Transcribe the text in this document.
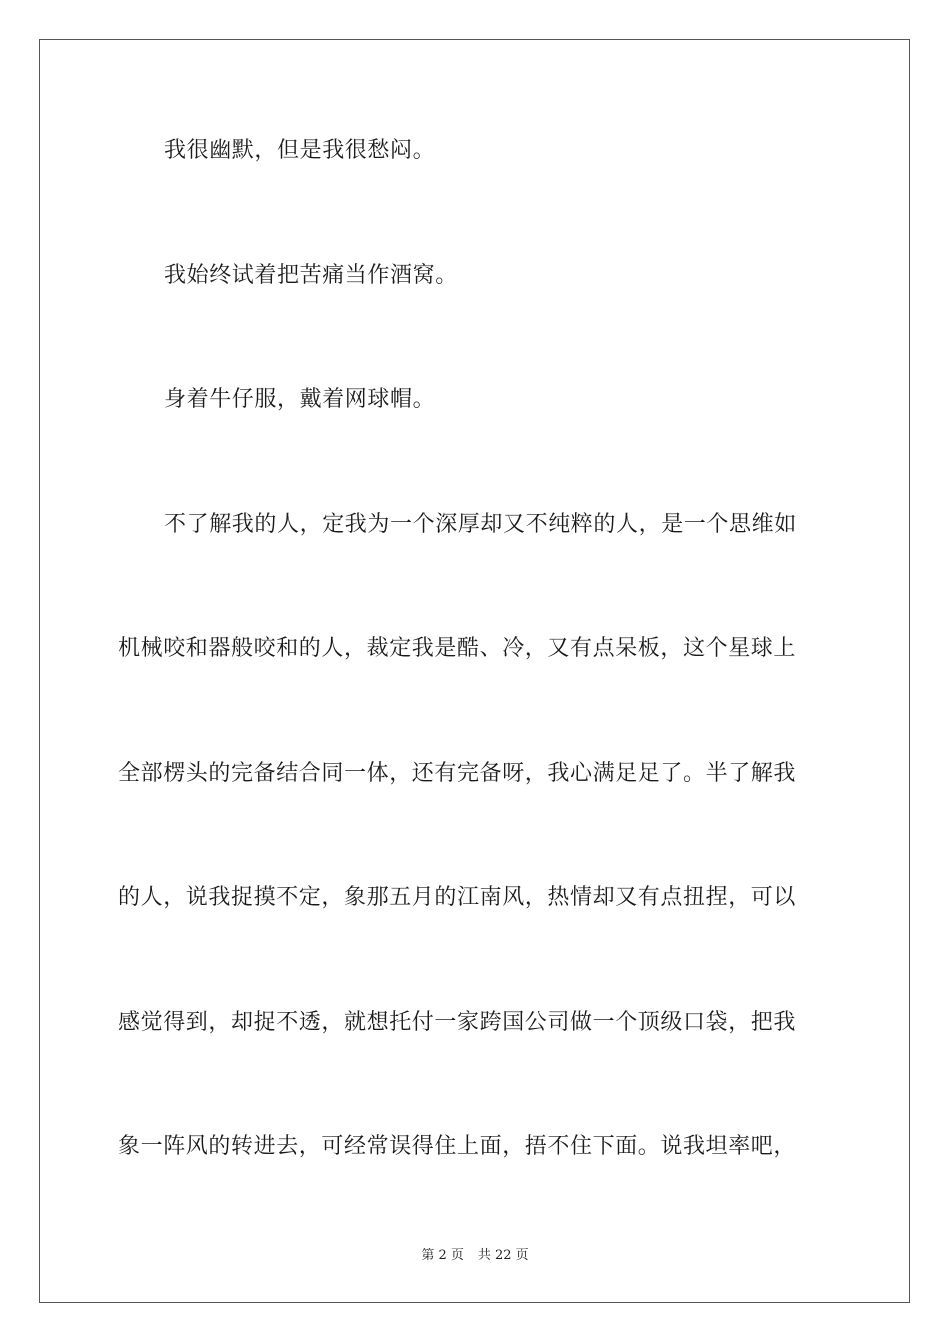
我很幽默，但是我很愁闷。
我始终试着把苦痛当作酒窝。
身着牛仔服，戴着网球帽。
不了解我的人，定我为一个深厚却又不纯粹的人，是一个思维如
机械咬和器般咬和的人，裁定我是酷、冷，又有点呆板，这个星球上
全部楞头的完备结合同一体，还有完备呀，我心满足足了。半了解我
的人，说我捉摸不定，象那五月的江南风，热情却又有点扭捏，可以
感觉得到，却捉不透，就想托付一家跨国公司做一个顶级口袋，把我
象一阵风的转进去，可经常误得住上面，捂不住下面。说我坦率吧，
第 2 页 共 22 页
